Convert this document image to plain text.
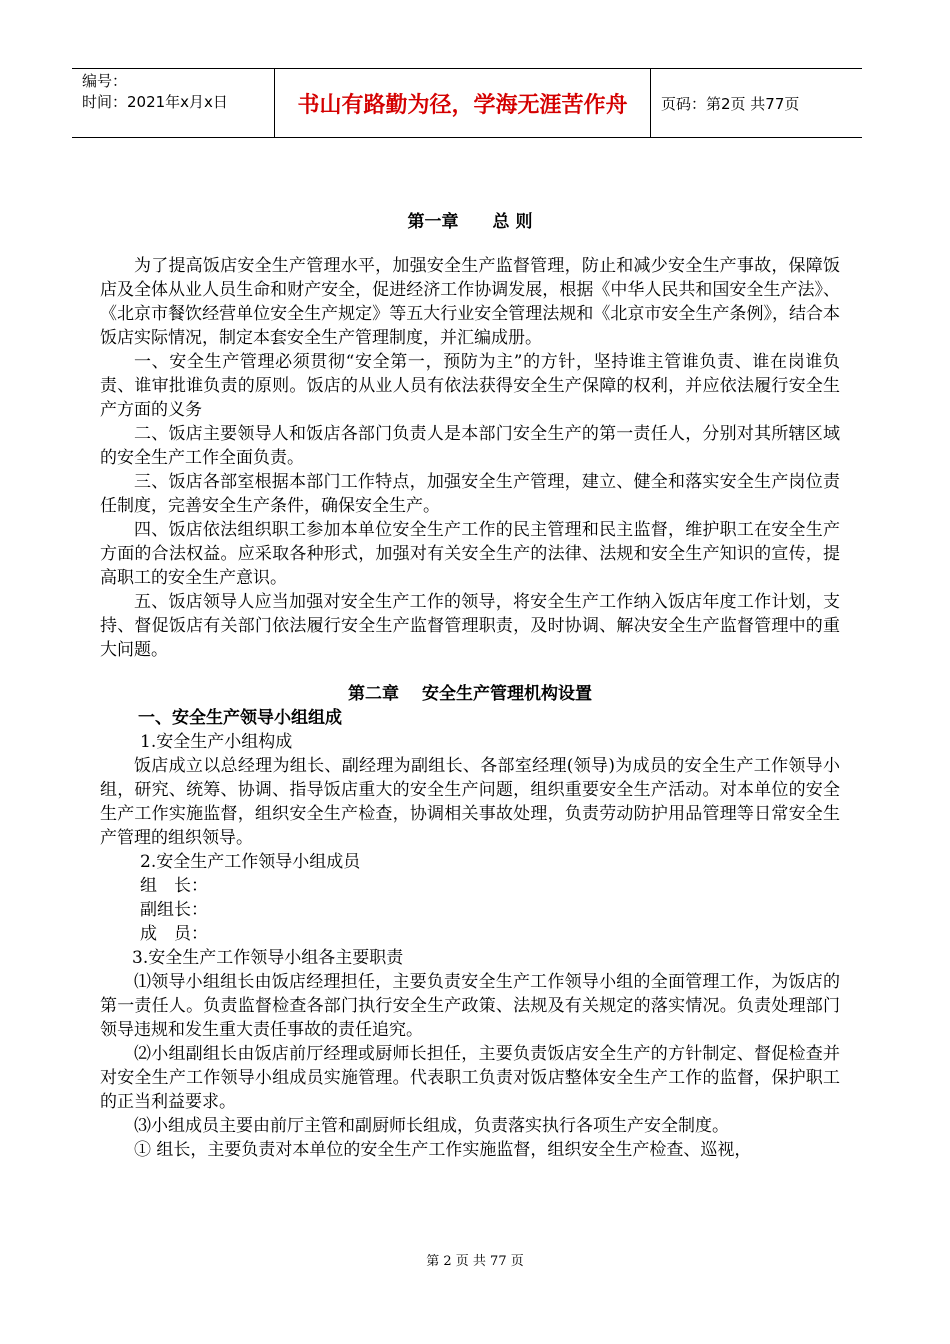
编号：
时间：2021年x月x日	书山有路勤为径，学海无涯苦作舟	页码：第2页 共77页
第一章　　总 则

为了提高饭店安全生产管理水平，加强安全生产监督管理，防止和减少安全生产事故，保障饭店及全体从业人员生命和财产安全，促进经济工作协调发展，根据《中华人民共和国安全生产法》、《北京市餐饮经营单位安全生产规定》等五大行业安全管理法规和《北京市安全生产条例》，结合本饭店实际情况，制定本套安全生产管理制度，并汇编成册。

一、安全生产管理必须贯彻“安全第一，预防为主”的方针，坚持谁主管谁负责、谁在岗谁负责、谁审批谁负责的原则。饭店的从业人员有依法获得安全生产保障的权利，并应依法履行安全生产方面的义务

二、饭店主要领导人和饭店各部门负责人是本部门安全生产的第一责任人，分别对其所辖区域的安全生产工作全面负责。

三、饭店各部室根据本部门工作特点，加强安全生产管理，建立、健全和落实安全生产岗位责任制度，完善安全生产条件，确保安全生产。

四、饭店依法组织职工参加本单位安全生产工作的民主管理和民主监督，维护职工在安全生产方面的合法权益。应采取各种形式，加强对有关安全生产的法律、法规和安全生产知识的宣传，提高职工的安全生产意识。

五、饭店领导人应当加强对安全生产工作的领导，将安全生产工作纳入饭店年度工作计划，支持、督促饭店有关部门依法履行安全生产监督管理职责，及时协调、解决安全生产监督管理中的重大问题。

第二章　 安全生产管理机构设置
一、安全生产领导小组组成
1.安全生产小组构成

饭店成立以总经理为组长、副经理为副组长、各部室经理(领导)为成员的安全生产工作领导小组，研究、统筹、协调、指导饭店重大的安全生产问题，组织重要安全生产活动。对本单位的安全生产工作实施监督，组织安全生产检查，协调相关事故处理，负责劳动防护用品管理等日常安全生产管理的组织领导。

2.安全生产工作领导小组成员
组　长：
副组长：
成　员：
3.安全生产工作领导小组各主要职责

⑴领导小组组长由饭店经理担任，主要负责安全生产工作领导小组的全面管理工作，为饭店的第一责任人。负责监督检查各部门执行安全生产政策、法规及有关规定的落实情况。负责处理部门领导违规和发生重大责任事故的责任追究。

⑵小组副组长由饭店前厅经理或厨师长担任，主要负责饭店安全生产的方针制定、督促检查并对安全生产工作领导小组成员实施管理。代表职工负责对饭店整体安全生产工作的监督，保护职工的正当利益要求。

⑶小组成员主要由前厅主管和副厨师长组成，负责落实执行各项生产安全制度。

① 组长，主要负责对本单位的安全生产工作实施监督，组织安全生产检查、巡视，

第 2 页 共 77 页
